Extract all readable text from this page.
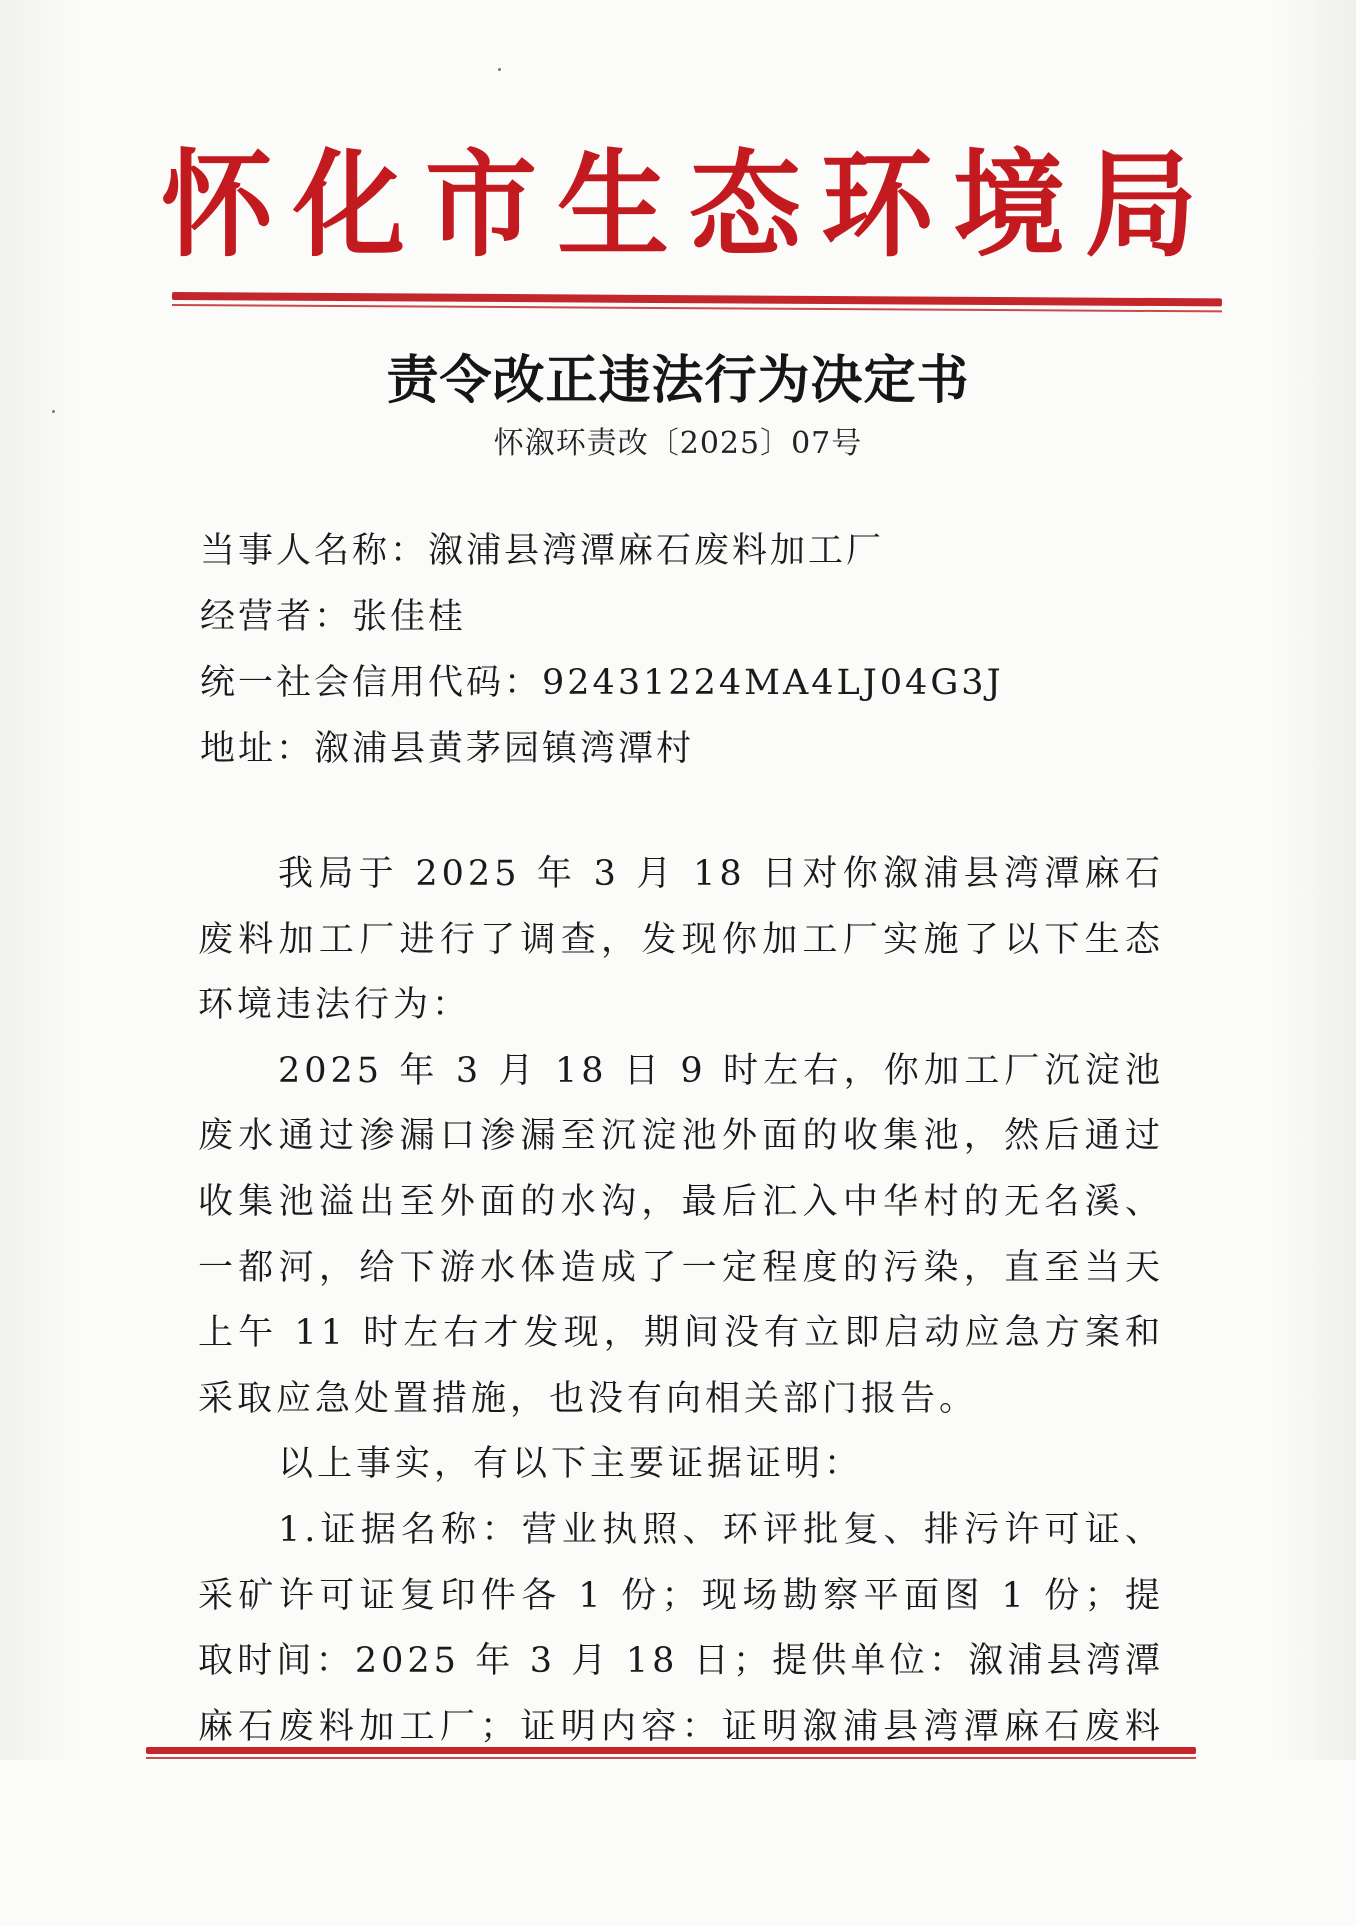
怀化市生态环境局
责令改正违法行为决定书
怀溆环责改〔2025〕07号
当事人名称：溆浦县湾潭麻石废料加工厂
经营者：张佳桂
统一社会信用代码：92431224MA4LJ04G3J
地址：溆浦县黄茅园镇湾潭村

我局于 2025 年 3 月 18 日对你溆浦县湾潭麻石废料加工厂进行了调查，发现你加工厂实施了以下生态环境违法行为：

2025 年 3 月 18 日 9 时左右，你加工厂沉淀池废水通过渗漏口渗漏至沉淀池外面的收集池，然后通过收集池溢出至外面的水沟，最后汇入中华村的无名溪、一都河，给下游水体造成了一定程度的污染，直至当天上午 11 时左右才发现，期间没有立即启动应急方案和采取应急处置措施，也没有向相关部门报告。

以上事实，有以下主要证据证明：

1.证据名称：营业执照、环评批复、排污许可证、采矿许可证复印件各 1 份；现场勘察平面图 1 份；提取时间：2025 年 3 月 18 日；提供单位：溆浦县湾潭麻石废料加工厂；证明内容：证明溆浦县湾潭麻石废料
